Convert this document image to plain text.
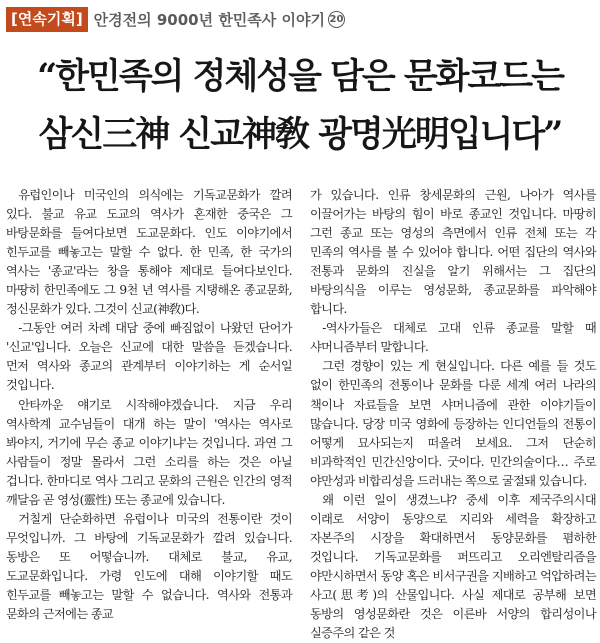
[연속기획] 안경전의 9000년 한민족사 이야기 20
“한민족의 정체성을 담은 문화코드는
삼신三神 신교神敎 광명光明입니다”

유럽인이나 미국인의 의식에는 기독교문화가 깔려 있다. 불교 유교 도교의 역사가 혼재한 중국은 그 바탕문화를 들여다보면 도교문화다. 인도 이야기에서 힌두교를 빼놓고는 말할 수 없다. 한 민족, 한 국가의 역사는 '종교'라는 창을 통해야 제대로 들여다보인다. 마땅히 한민족에도 그 9천 년 역사를 지탱해온 종교문화, 정신문화가 있다. 그것이 신교(神敎)다.

-그동안 여러 차례 대담 중에 빠짐없이 나왔던 단어가 '신교'입니다. 오늘은 신교에 대한 말씀을 듣겠습니다. 먼저 역사와 종교의 관계부터 이야기하는 게 순서일 것입니다.

안타까운 얘기로 시작해야겠습니다. 지금 우리 역사학계 교수님들이 대개 하는 말이 '역사는 역사로 봐야지, 거기에 무슨 종교 이야기냐'는 것입니다. 과연 그 사람들이 정말 몰라서 그런 소리를 하는 것은 아닐 겁니다. 한마디로 역사 그리고 문화의 근원은 인간의 영적 깨달음 곧 영성(靈性) 또는 종교에 있습니다.

거칠게 단순화하면 유럽이나 미국의 전통이란 것이 무엇입니까. 그 바탕에 기독교문화가 깔려 있습니다. 동방은 또 어떻습니까. 대체로 불교, 유교, 도교문화입니다. 가령 인도에 대해 이야기할 때도 힌두교를 빼놓고는 말할 수 없습니다. 역사와 전통과 문화의 근저에는 종교

가 있습니다. 인류 창세문화의 근원, 나아가 역사를 이끌어가는 바탕의 힘이 바로 종교인 것입니다. 마땅히 그런 종교 또는 영성의 측면에서 인류 전체 또는 각 민족의 역사를 볼 수 있어야 합니다. 어떤 집단의 역사와 전통과 문화의 진실을 알기 위해서는 그 집단의 바탕의식을 이루는 영성문화, 종교문화를 파악해야 합니다.

-역사가들은 대체로 고대 인류 종교를 말할 때 샤머니즘부터 말합니다.

그런 경향이 있는 게 현실입니다. 다른 예를 들 것도 없이 한민족의 전통이나 문화를 다룬 세계 여러 나라의 책이나 자료들을 보면 샤머니즘에 관한 이야기들이 많습니다. 당장 미국 영화에 등장하는 인디언들의 전통이 어떻게 묘사되는지 떠올려 보세요. 그저 단순히 비과학적인 민간신앙이다. 굿이다. 민간의술이다… 주로 야만성과 비합리성을 드러내는 쪽으로 굴절돼 있습니다.

왜 이런 일이 생겼느냐? 중세 이후 제국주의시대 이래로 서양이 동양으로 지리와 세력을 확장하고 자본주의 시장을 확대하면서 동양문화를 폄하한 것입니다. 기독교문화를 퍼뜨리고 오리엔탈리즘을 야만시하면서 동양 혹은 비서구권을 지배하고 억압하려는 사고(思考)의 산물입니다. 사실 제대로 공부해 보면 동방의 영성문화란 것은 이른바 서양의 합리성이나 실증주의 같은 것
